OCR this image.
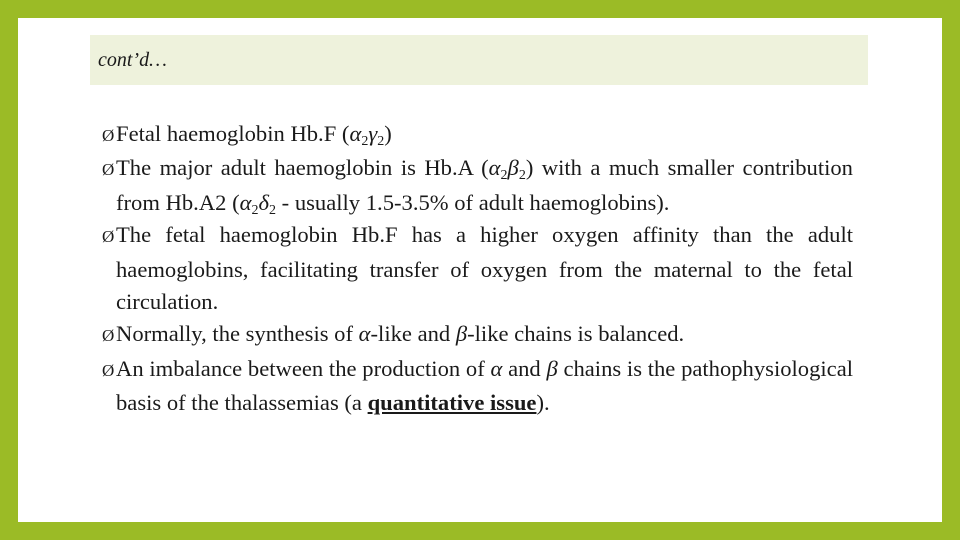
cont’d…
ØFetal haemoglobin Hb.F $(\alpha_2\gamma_2)$
ØThe major adult haemoglobin is Hb.A $(\alpha_2\beta_2)$ with a much smaller contribution from Hb.A2 ($\alpha_2\delta_2$ - usually 1.5-3.5% of adult haemoglobins).
ØThe fetal haemoglobin Hb.F has a higher oxygen affinity than the adult haemoglobins, facilitating transfer of oxygen from the maternal to the fetal circulation.
ØNormally, the synthesis of α-like and β-like chains is balanced.
ØAn imbalance between the production of α and β chains is the pathophysiological basis of the thalassemias (a quantitative issue).
